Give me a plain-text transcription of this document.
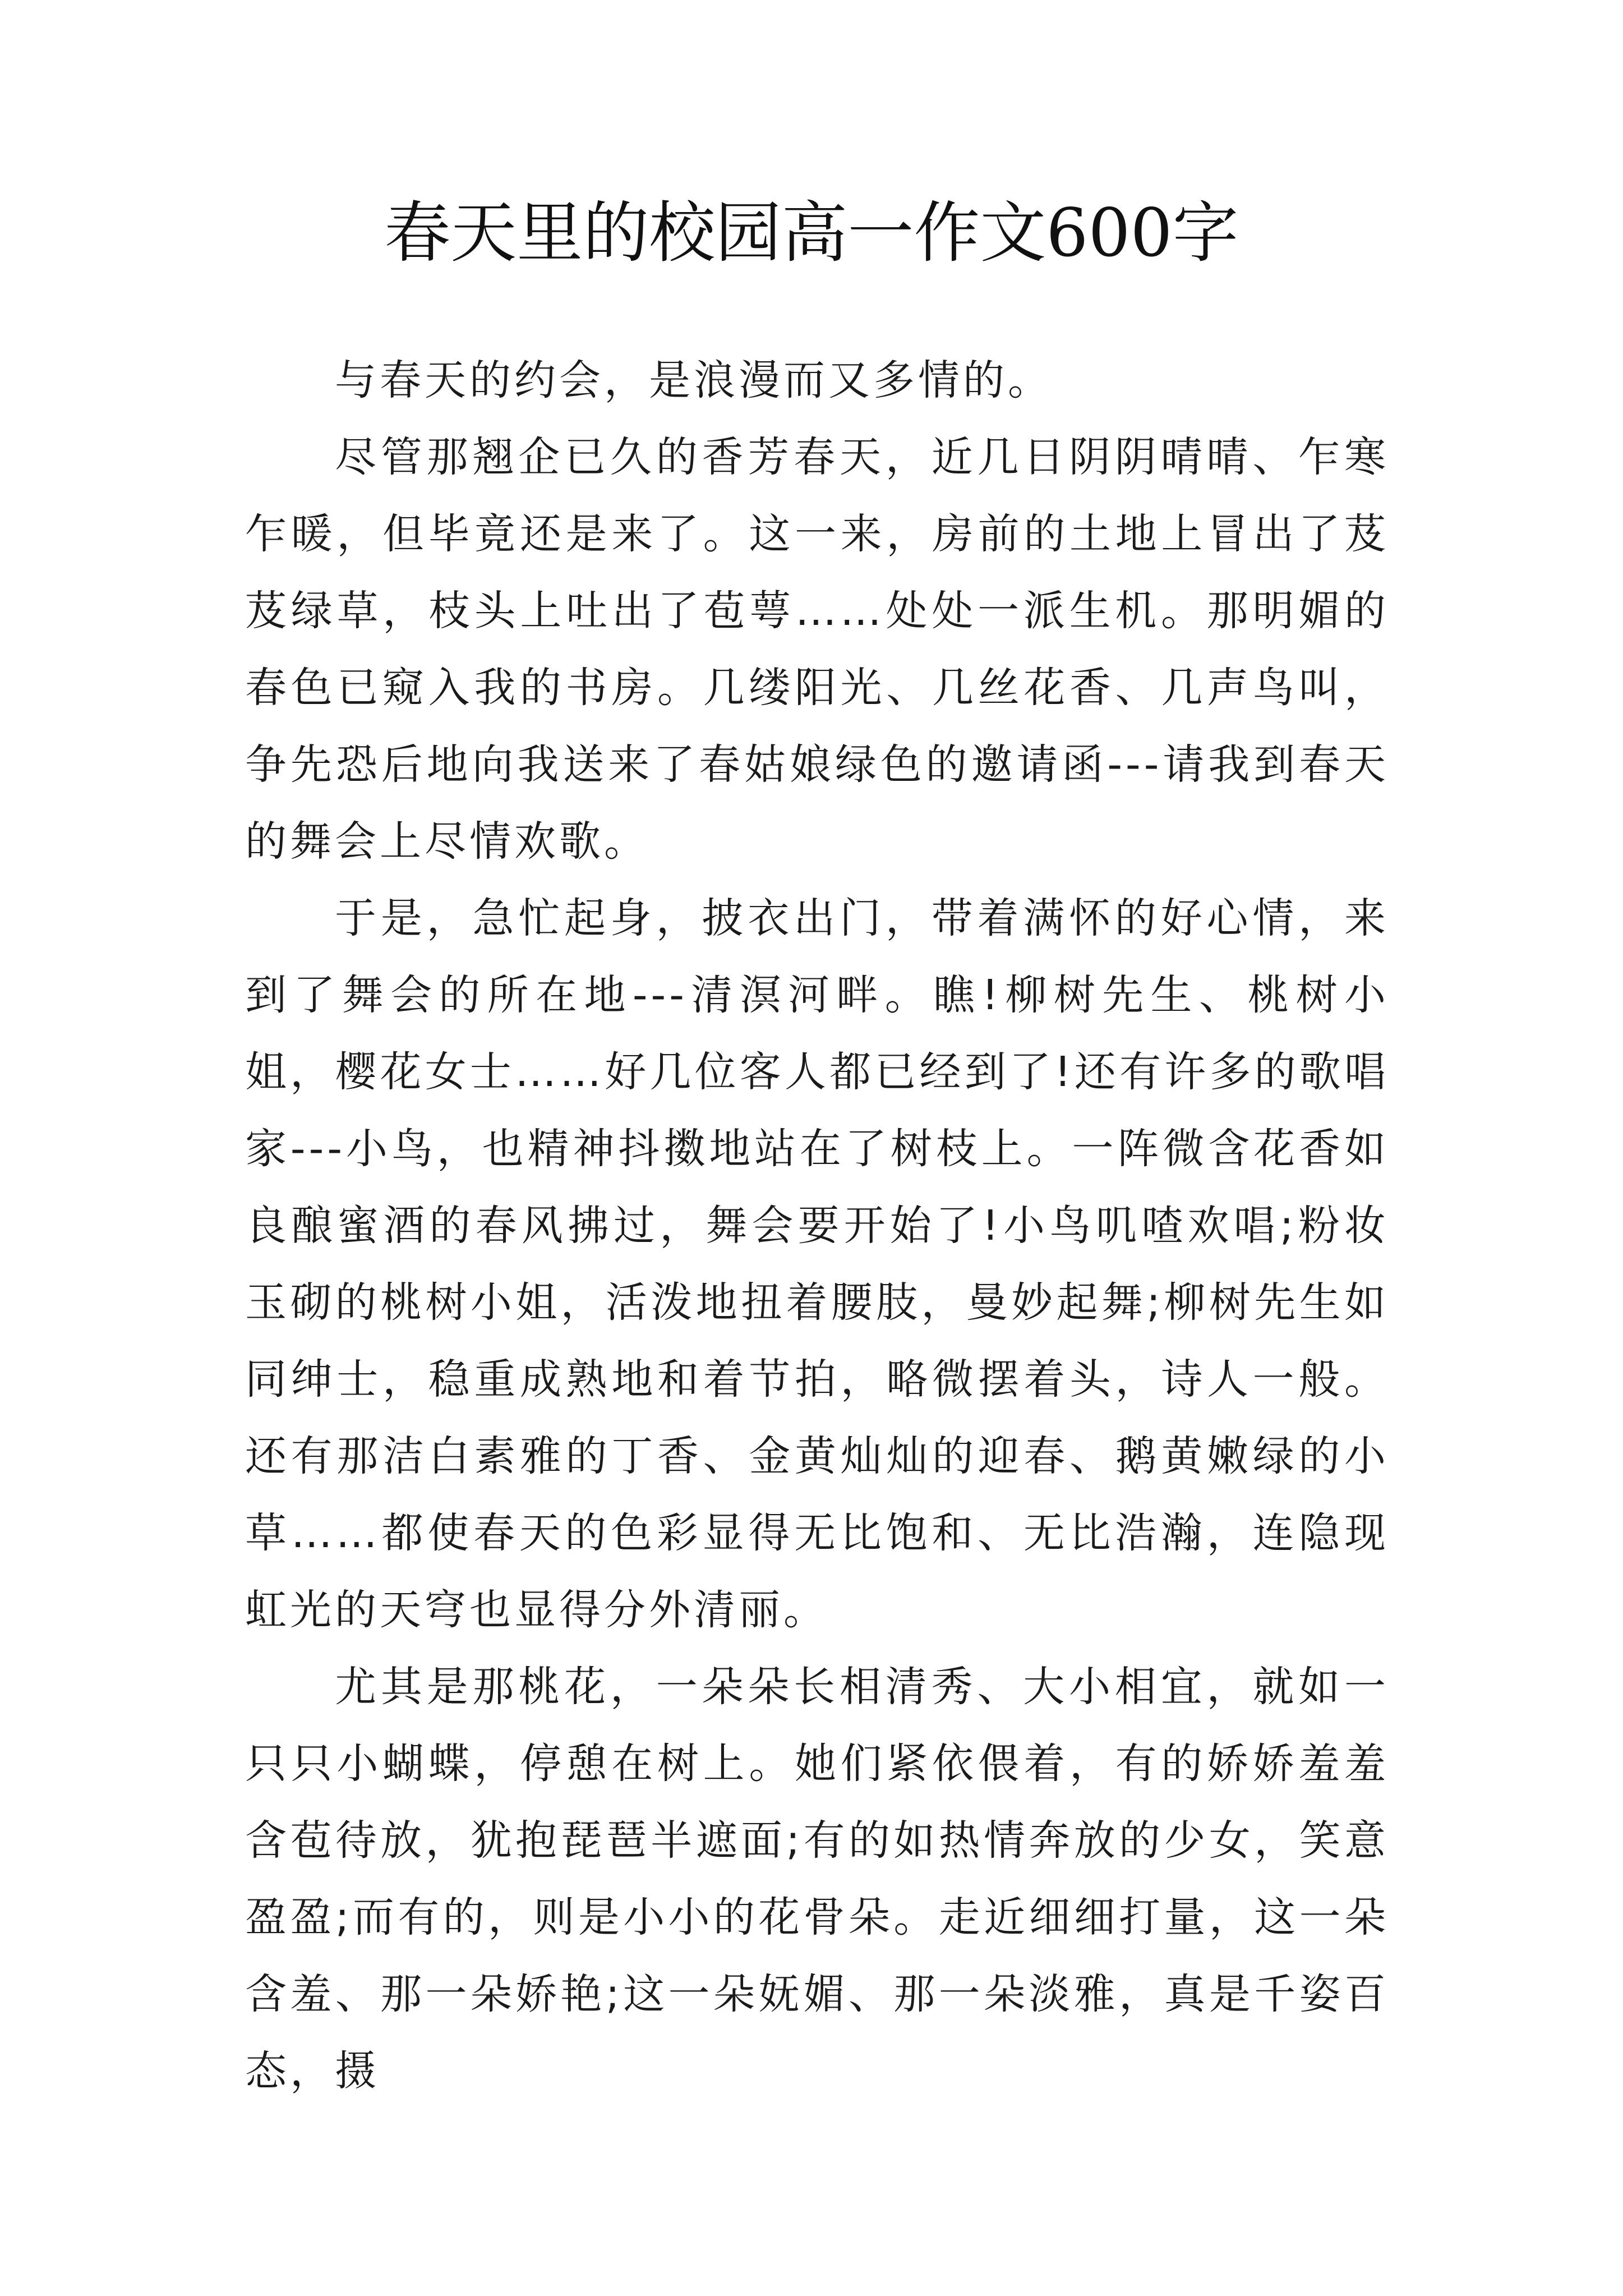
春天里的校园高一作文600字

与春天的约会，是浪漫而又多情的。

尽管那翘企已久的香芳春天，近几日阴阴晴晴、乍寒乍暖，但毕竟还是来了。这一来，房前的土地上冒出了芨芨绿草，枝头上吐出了苞萼……处处一派生机。那明媚的春色已窥入我的书房。几缕阳光、几丝花香、几声鸟叫，争先恐后地向我送来了春姑娘绿色的邀请函---请我到春天的舞会上尽情欢歌。

于是，急忙起身，披衣出门，带着满怀的好心情，来到了舞会的所在地---清溟河畔。瞧!柳树先生、桃树小姐，樱花女士……好几位客人都已经到了!还有许多的歌唱家---小鸟，也精神抖擞地站在了树枝上。一阵微含花香如良酿蜜酒的春风拂过，舞会要开始了!小鸟叽喳欢唱;粉妆玉砌的桃树小姐，活泼地扭着腰肢，曼妙起舞;柳树先生如同绅士，稳重成熟地和着节拍，略微摆着头，诗人一般。还有那洁白素雅的丁香、金黄灿灿的迎春、鹅黄嫩绿的小草……都使春天的色彩显得无比饱和、无比浩瀚，连隐现虹光的天穹也显得分外清丽。

尤其是那桃花，一朵朵长相清秀、大小相宜，就如一只只小蝴蝶，停憩在树上。她们紧依偎着，有的娇娇羞羞含苞待放，犹抱琵琶半遮面;有的如热情奔放的少女，笑意盈盈;而有的，则是小小的花骨朵。走近细细打量，这一朵含羞、那一朵娇艳;这一朵妩媚、那一朵淡雅，真是千姿百态，摄
